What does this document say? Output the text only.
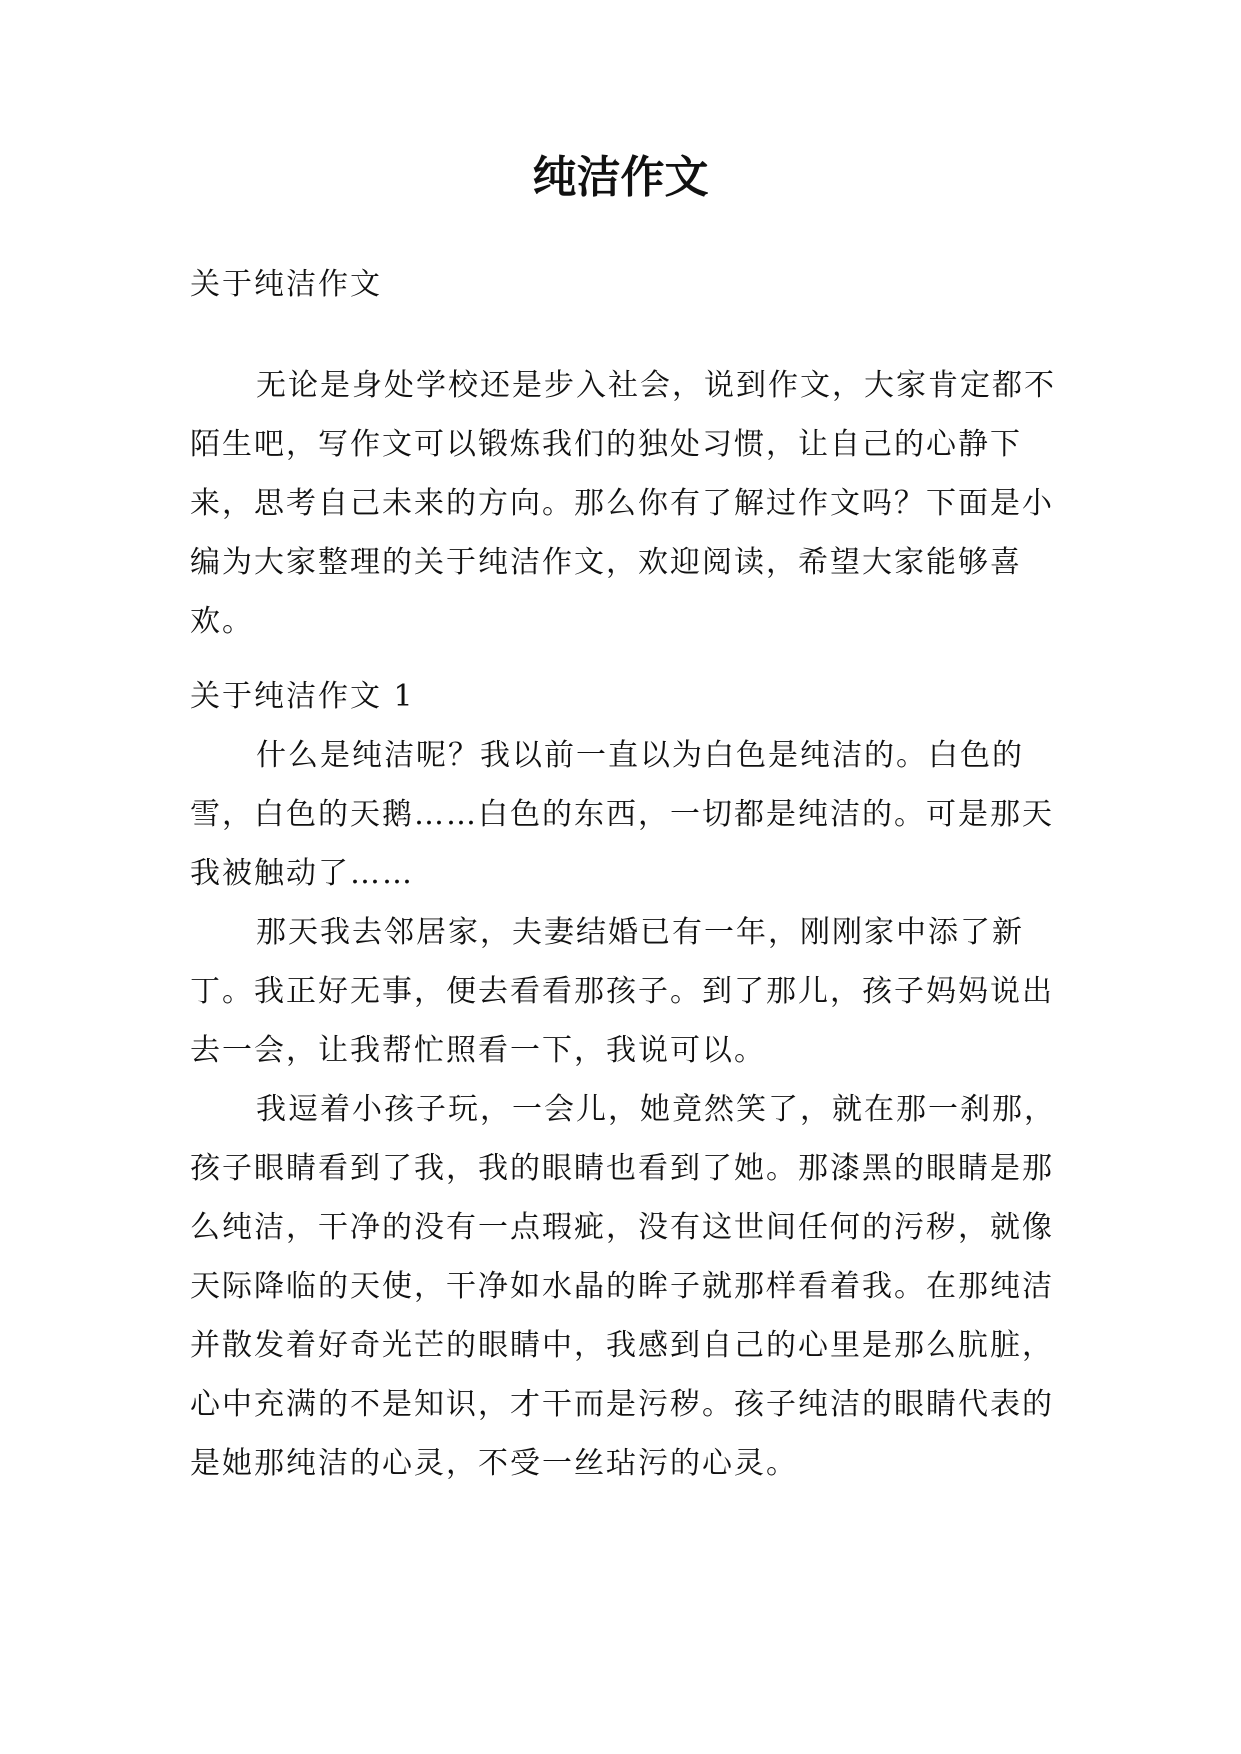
纯洁作文

关于纯洁作文

无论是身处学校还是步入社会，说到作文，大家肯定都不陌生吧，写作文可以锻炼我们的独处习惯，让自己的心静下来，思考自己未来的方向。那么你有了解过作文吗？下面是小编为大家整理的关于纯洁作文，欢迎阅读，希望大家能够喜欢。

关于纯洁作文 1

什么是纯洁呢？我以前一直以为白色是纯洁的。白色的雪，白色的天鹅……白色的东西，一切都是纯洁的。可是那天我被触动了……

那天我去邻居家，夫妻结婚已有一年，刚刚家中添了新丁。我正好无事，便去看看那孩子。到了那儿，孩子妈妈说出去一会，让我帮忙照看一下，我说可以。

我逗着小孩子玩，一会儿，她竟然笑了，就在那一刹那，孩子眼睛看到了我，我的眼睛也看到了她。那漆黑的眼睛是那么纯洁，干净的没有一点瑕疵，没有这世间任何的污秽，就像天际降临的天使，干净如水晶的眸子就那样看着我。在那纯洁并散发着好奇光芒的眼睛中，我感到自己的心里是那么肮脏，心中充满的不是知识，才干而是污秽。孩子纯洁的眼睛代表的是她那纯洁的心灵，不受一丝玷污的心灵。
